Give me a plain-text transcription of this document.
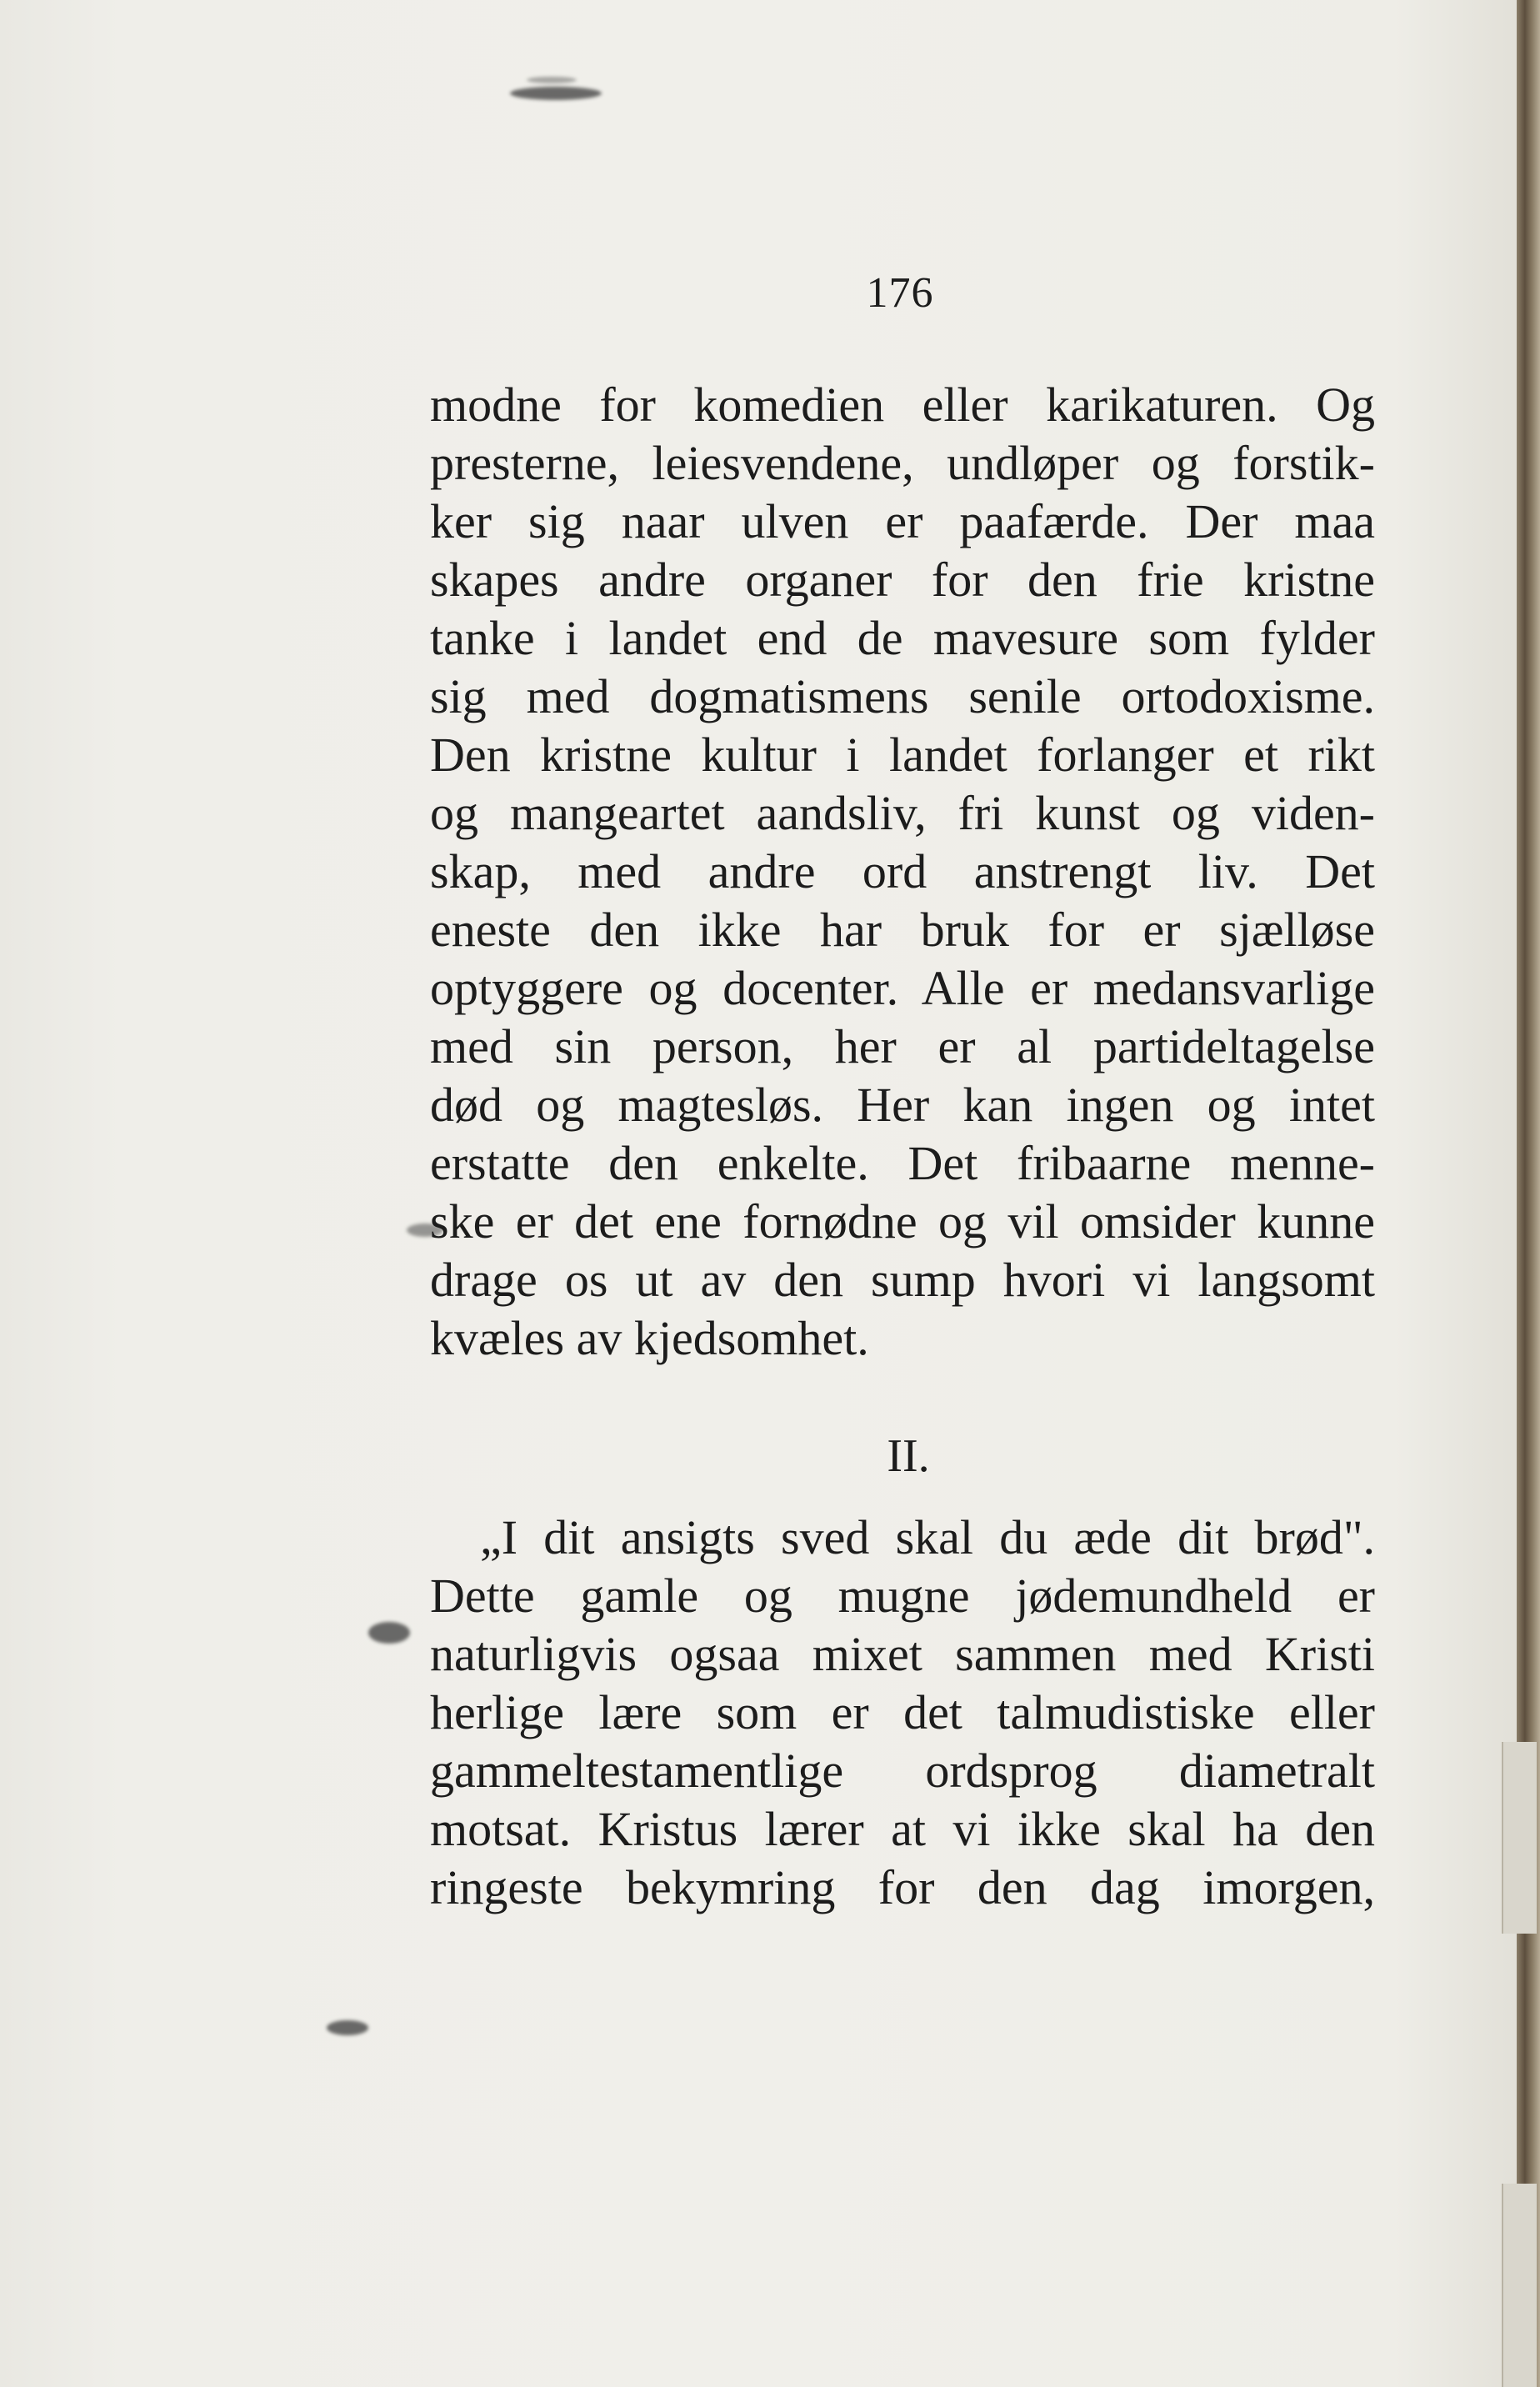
176
modne for komedien eller karikaturen. Og
presterne, leiesvendene, undløper og forstik-
ker sig naar ulven er paafærde. Der maa
skapes andre organer for den frie kristne
tanke i landet end de mavesure som fylder
sig med dogmatismens senile ortodoxisme.
Den kristne kultur i landet forlanger et rikt
og mangeartet aandsliv, fri kunst og viden-
skap, med andre ord anstrengt liv. Det
eneste den ikke har bruk for er sjælløse
optyggere og docenter. Alle er medansvarlige
med sin person, her er al partideltagelse
død og magtesløs. Her kan ingen og intet
erstatte den enkelte. Det fribaarne menne-
ske er det ene fornødne og vil omsider kunne
drage os ut av den sump hvori vi langsomt
kvæles av kjedsomhet.
II.
„I dit ansigts sved skal du æde dit brød".
Dette gamle og mugne jødemundheld er
naturligvis ogsaa mixet sammen med Kristi
herlige lære som er det talmudistiske eller
gammeltestamentlige ordsprog diametralt
motsat. Kristus lærer at vi ikke skal ha den
ringeste bekymring for den dag imorgen,
